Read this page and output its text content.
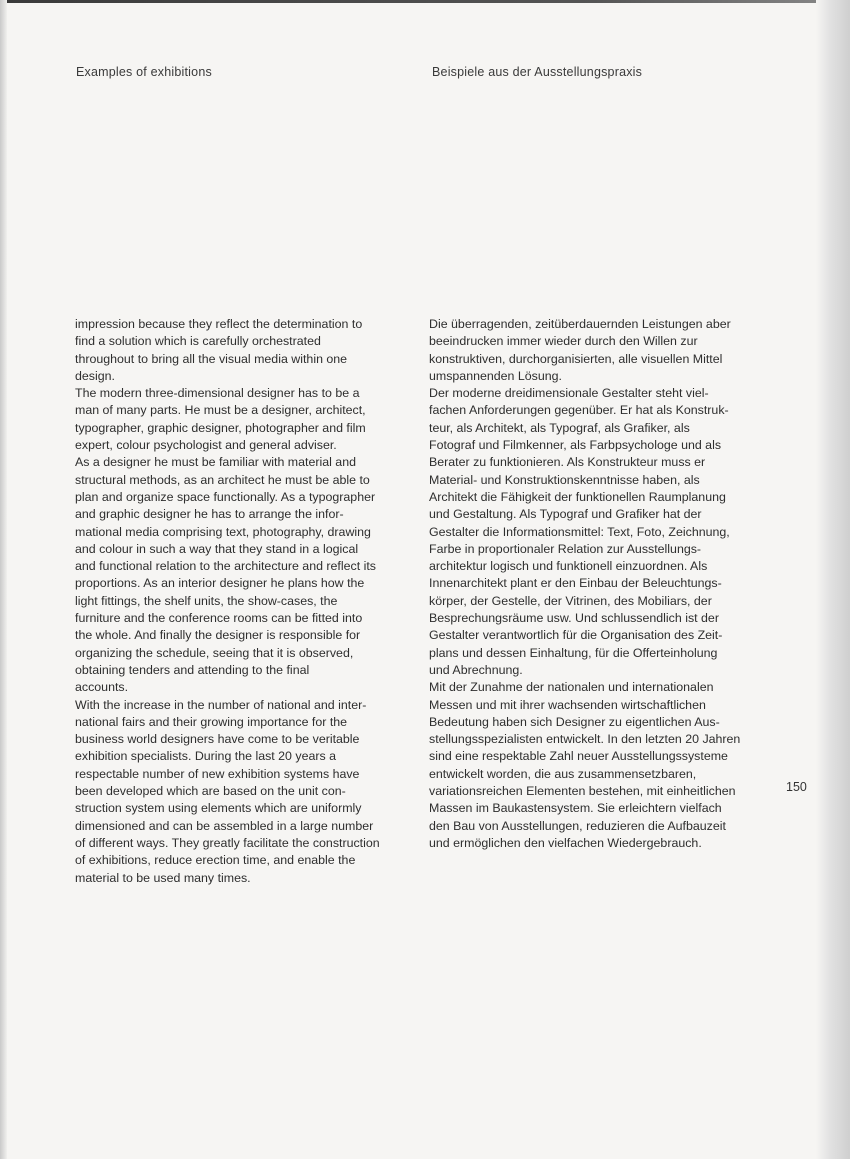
Examples of exhibitions	Beispiele aus der Ausstellungspraxis
impression because they reflect the determination to
find a solution which is carefully orchestrated
throughout to bring all the visual media within one
design.
The modern three-dimensional designer has to be a
man of many parts. He must be a designer, architect,
typographer, graphic designer, photographer and film
expert, colour psychologist and general adviser.
As a designer he must be familiar with material and
structural methods, as an architect he must be able to
plan and organize space functionally. As a typographer
and graphic designer he has to arrange the infor-
mational media comprising text, photography, drawing
and colour in such a way that they stand in a logical
and functional relation to the architecture and reflect its
proportions. As an interior designer he plans how the
light fittings, the shelf units, the show-cases, the
furniture and the conference rooms can be fitted into
the whole. And finally the designer is responsible for
organizing the schedule, seeing that it is observed,
obtaining tenders and attending to the final
accounts.
With the increase in the number of national and inter-
national fairs and their growing importance for the
business world designers have come to be veritable
exhibition specialists. During the last 20 years a
respectable number of new exhibition systems have
been developed which are based on the unit con-
struction system using elements which are uniformly
dimensioned and can be assembled in a large number
of different ways. They greatly facilitate the construction
of exhibitions, reduce erection time, and enable the
material to be used many times.
Die überragenden, zeitüberdauernden Leistungen aber
beeindrucken immer wieder durch den Willen zur
konstruktiven, durchorganisierten, alle visuellen Mittel
umspannenden Lösung.
Der moderne dreidimensionale Gestalter steht viel-
fachen Anforderungen gegenüber. Er hat als Konstruk-
teur, als Architekt, als Typograf, als Grafiker, als
Fotograf und Filmkenner, als Farbpsychologe und als
Berater zu funktionieren. Als Konstrukteur muss er
Material- und Konstruktionskenntnisse haben, als
Architekt die Fähigkeit der funktionellen Raumplanung
und Gestaltung. Als Typograf und Grafiker hat der
Gestalter die Informationsmittel: Text, Foto, Zeichnung,
Farbe in proportionaler Relation zur Ausstellungs-
architektur logisch und funktionell einzuordnen. Als
Innenarchitekt plant er den Einbau der Beleuchtungs-
körper, der Gestelle, der Vitrinen, des Mobiliars, der
Besprechungsräume usw. Und schlussendlich ist der
Gestalter verantwortlich für die Organisation des Zeit-
plans und dessen Einhaltung, für die Offerteinholung
und Abrechnung.
Mit der Zunahme der nationalen und internationalen
Messen und mit ihrer wachsenden wirtschaftlichen
Bedeutung haben sich Designer zu eigentlichen Aus-
stellungsspezialisten entwickelt. In den letzten 20 Jahren
sind eine respektable Zahl neuer Ausstellungssysteme
entwickelt worden, die aus zusammensetzbaren,
variationsreichen Elementen bestehen, mit einheitlichen
Massen im Baukastensystem. Sie erleichtern vielfach
den Bau von Ausstellungen, reduzieren die Aufbauzeit
und ermöglichen den vielfachen Wiedergebrauch.
150
